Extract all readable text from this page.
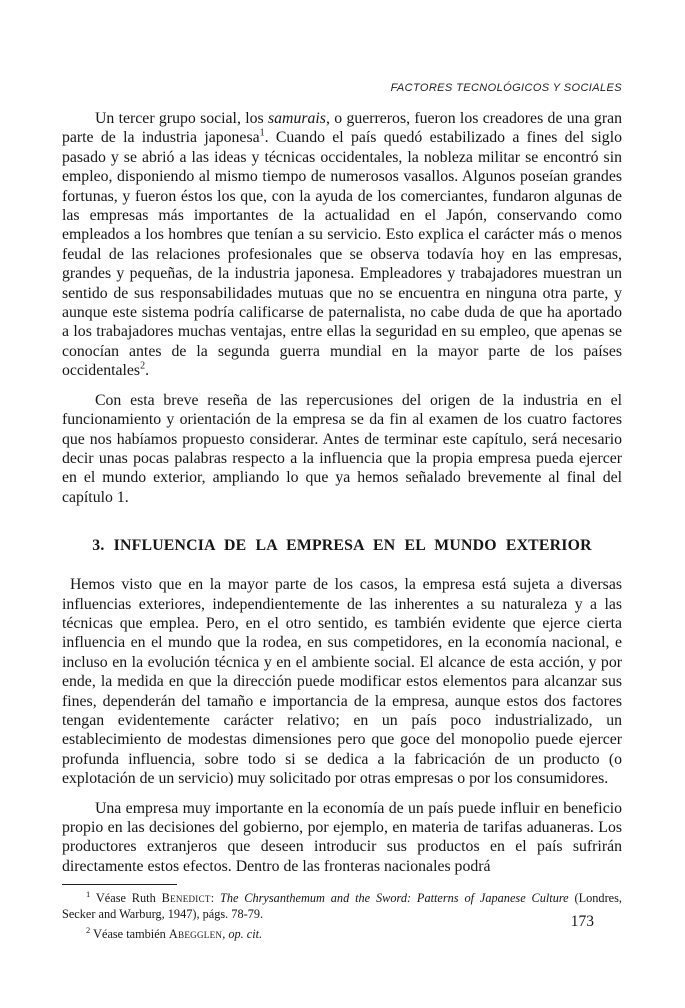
FACTORES TECNOLÓGICOS Y SOCIALES

Un tercer grupo social, los samurais, o guerreros, fueron los creadores de una gran parte de la industria japonesa$^1$. Cuando el país quedó estabilizado a fines del siglo pasado y se abrió a las ideas y técnicas occidentales, la nobleza militar se encontró sin empleo, disponiendo al mismo tiempo de numerosos vasallos. Algunos poseían grandes fortunas, y fueron éstos los que, con la ayuda de los comerciantes, fundaron algunas de las empresas más importantes de la actualidad en el Japón, conservando como empleados a los hombres que tenían a su servicio. Esto explica el carácter más o menos feudal de las relaciones profesionales que se observa todavía hoy en las empresas, grandes y pequeñas, de la industria japonesa. Empleadores y trabajadores muestran un sentido de sus responsabilidades mutuas que no se encuentra en ninguna otra parte, y aunque este sistema podría calificarse de paternalista, no cabe duda de que ha aportado a los trabajadores muchas ventajas, entre ellas la seguridad en su empleo, que apenas se conocían antes de la segunda guerra mundial en la mayor parte de los países occidentales$^2$.

Con esta breve reseña de las repercusiones del origen de la industria en el funcionamiento y orientación de la empresa se da fin al examen de los cuatro factores que nos habíamos propuesto considerar. Antes de terminar este capítulo, será necesario decir unas pocas palabras respecto a la influencia que la propia empresa pueda ejercer en el mundo exterior, ampliando lo que ya hemos señalado brevemente al final del capítulo 1.

3. INFLUENCIA DE LA EMPRESA EN EL MUNDO EXTERIOR

Hemos visto que en la mayor parte de los casos, la empresa está sujeta a diversas influencias exteriores, independientemente de las inherentes a su naturaleza y a las técnicas que emplea. Pero, en el otro sentido, es también evidente que ejerce cierta influencia en el mundo que la rodea, en sus competidores, en la economía nacional, e incluso en la evolución técnica y en el ambiente social. El alcance de esta acción, y por ende, la medida en que la dirección puede modificar estos elementos para alcanzar sus fines, dependerán del tamaño e importancia de la empresa, aunque estos dos factores tengan evidentemente carácter relativo; en un país poco industrializado, un establecimiento de modestas dimensiones pero que goce del monopolio puede ejercer profunda influencia, sobre todo si se dedica a la fabricación de un producto (o explotación de un servicio) muy solicitado por otras empresas o por los consumidores.

Una empresa muy importante en la economía de un país puede influir en beneficio propio en las decisiones del gobierno, por ejemplo, en materia de tarifas aduaneras. Los productores extranjeros que deseen introducir sus productos en el país sufrirán directamente estos efectos. Dentro de las fronteras nacionales podrá

$^1$ Véase Ruth Benedict: The Chrysanthemum and the Sword: Patterns of Japanese Culture (Londres, Secker and Warburg, 1947), págs. 78-79.

$^2$ Véase también Abegglen, op. cit.

173
